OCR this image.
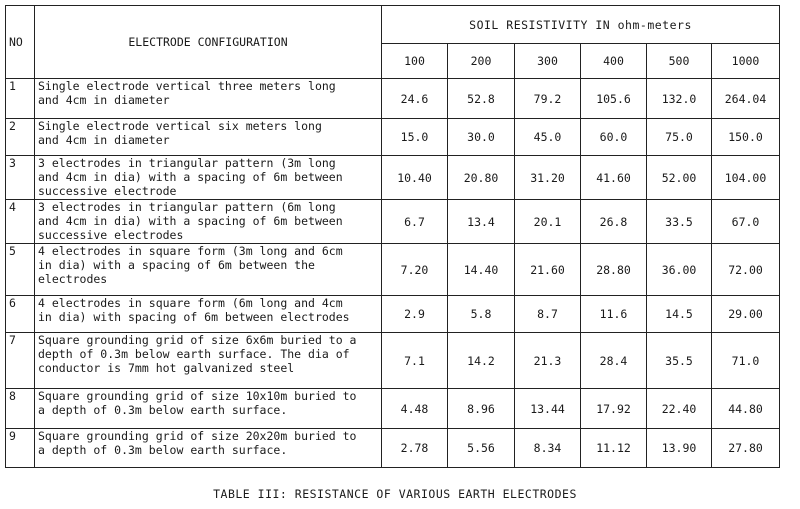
NO	ELECTRODE CONFIGURATION	SOIL RESISTIVITY IN ohm-meters					
		100	200	300	400	500	1000
1	Single electrode vertical three meters long
and 4cm in diameter	24.6	52.8	79.2	105.6	132.0	264.04
2	Single electrode vertical six meters long
and 4cm in diameter	15.0	30.0	45.0	60.0	75.0	150.0
3	3 electrodes in triangular pattern (3m long
and 4cm in dia) with a spacing of 6m between
successive electrode	10.40	20.80	31.20	41.60	52.00	104.00
4	3 electrodes in triangular pattern (6m long
and 4cm in dia) with a spacing of 6m between
successive electrodes	6.7	13.4	20.1	26.8	33.5	67.0
5	4 electrodes in square form (3m long and 6cm
in dia) with a spacing of 6m between the
electrodes	7.20	14.40	21.60	28.80	36.00	72.00
6	4 electrodes in square form (6m long and 4cm
in dia) with spacing of 6m between electrodes	2.9	5.8	8.7	11.6	14.5	29.00
7	Square grounding grid of size 6x6m buried to a
depth of 0.3m below earth surface. The dia of
conductor is 7mm hot galvanized steel	7.1	14.2	21.3	28.4	35.5	71.0
8	Square grounding grid of size 10x10m buried to
a depth of 0.3m below earth surface.	4.48	8.96	13.44	17.92	22.40	44.80
9	Square grounding grid of size 20x20m buried to
a depth of 0.3m below earth surface.	2.78	5.56	8.34	11.12	13.90	27.80
TABLE III: RESISTANCE OF VARIOUS EARTH ELECTRODES
